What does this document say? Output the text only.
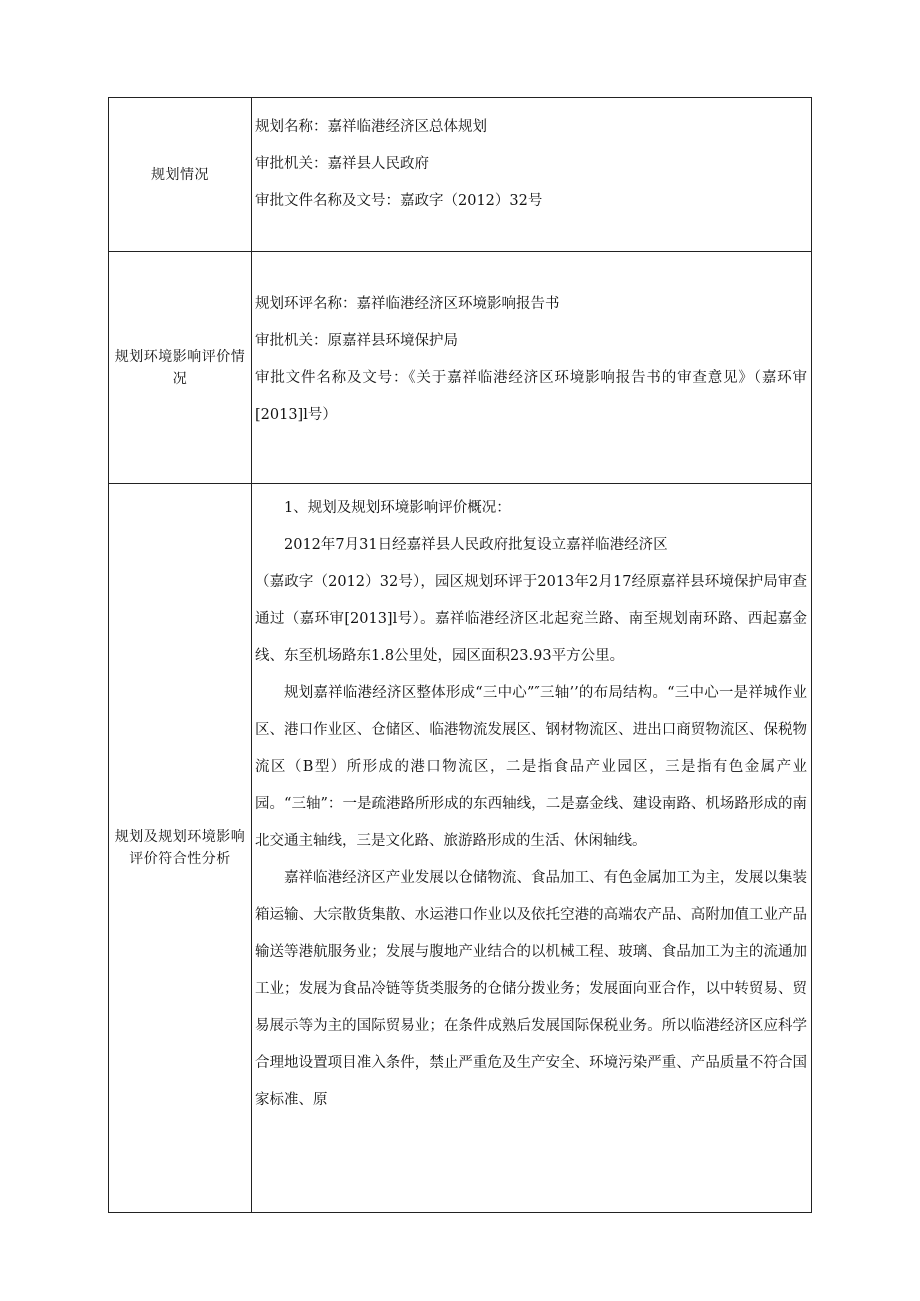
规划情况	规划名称：嘉祥临港经济区总体规划
审批机关：嘉祥县人民政府
审批文件名称及文号：嘉政字（2012）32号

规划环境影响评价情况	规划环评名称：嘉祥临港经济区环境影响报告书
审批机关：原嘉祥县环境保护局

审批文件名称及文号：《关于嘉祥临港经济区环境影响报告书的审查意见》（嘉环审[2013]l号）

规划及规划环境影响评价符合性分析	1、规划及规划环境影响评价概况：

2012年7月31日经嘉祥县人民政府批复设立嘉祥临港经济区

（嘉政字（2012）32号），园区规划环评于2013年2月17经原嘉祥县环境保护局审查通过（嘉环审[2013]l号）。嘉祥临港经济区北起兖兰路、南至规划南环路、西起嘉金线、东至机场路东1.8公里处，园区面积23.93平方公里。

规划嘉祥临港经济区整体形成“三中心”″三轴’’的布局结构。“三中心一是祥城作业区、港口作业区、仓储区、临港物流发展区、钢材物流区、进出口商贸物流区、保税物流区（B型）所形成的港口物流区，二是指食品产业园区，三是指有色金属产业园。“三轴”：一是疏港路所形成的东西轴线，二是嘉金线、建设南路、机场路形成的南北交通主轴线，三是文化路、旅游路形成的生活、休闲轴线。

嘉祥临港经济区产业发展以仓储物流、食品加工、有色金属加工为主，发展以集装箱运输、大宗散货集散、水运港口作业以及依托空港的高端农产品、高附加值工业产品输送等港航服务业；发展与腹地产业结合的以机械工程、玻璃、食品加工为主的流通加工业；发展为食品冷链等货类服务的仓储分拨业务；发展面向亚合作，以中转贸易、贸易展示等为主的国际贸易业；在条件成熟后发展国际保税业务。所以临港经济区应科学合理地设置项目准入条件，禁止严重危及生产安全、环境污染严重、产品质量不符合国家标准、原
